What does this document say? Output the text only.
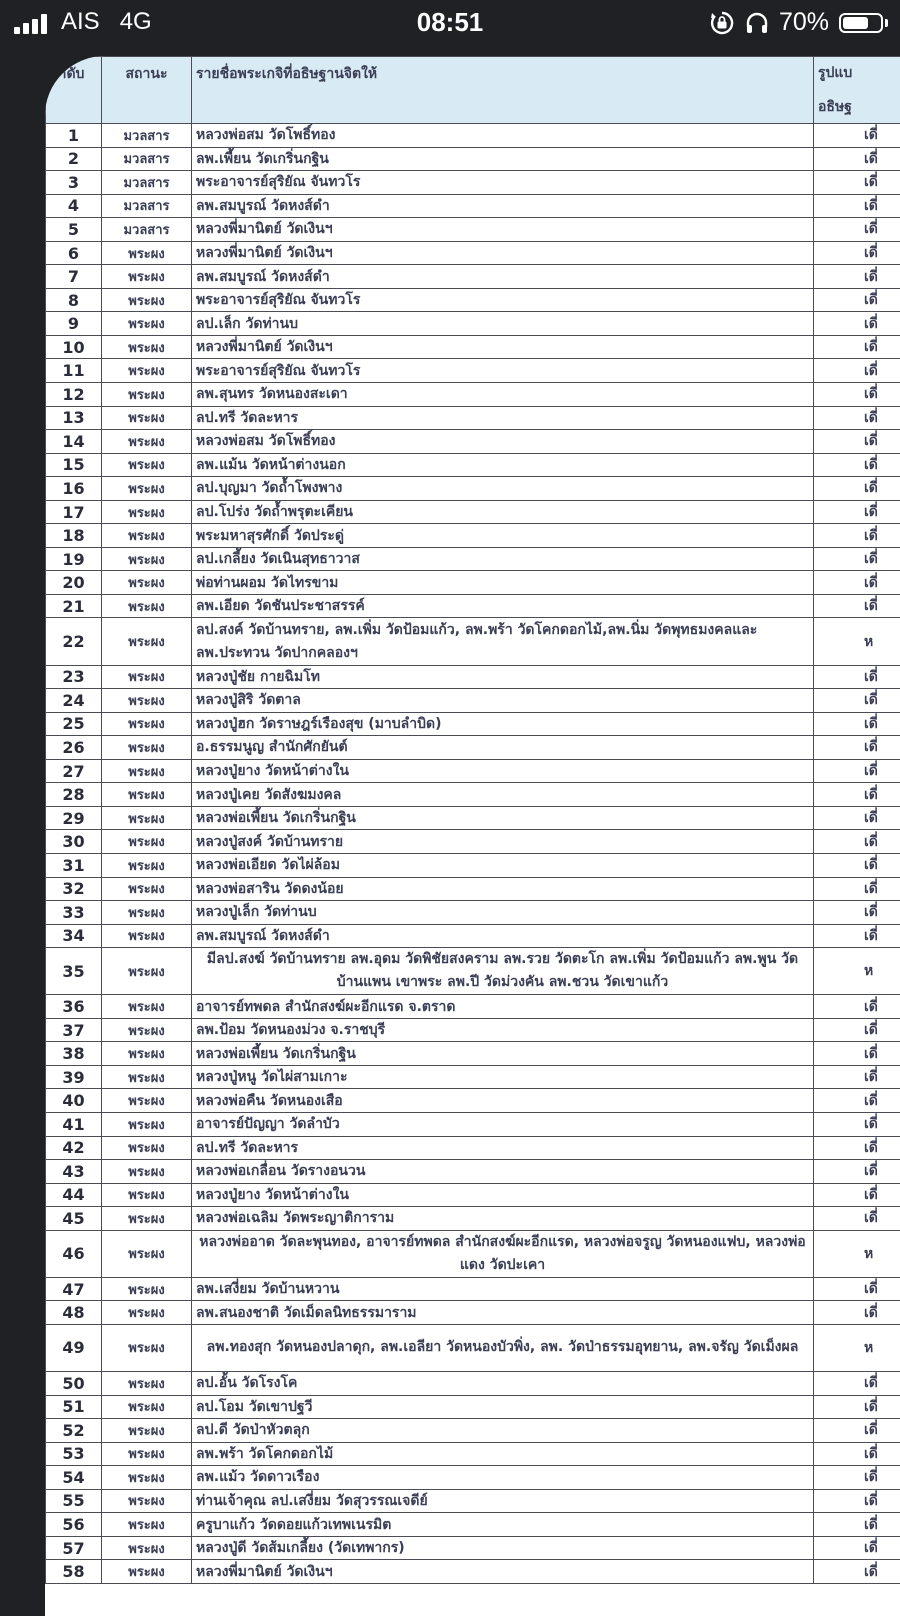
AIS 4G	08:51	70%
ลำดับ	สถานะ	รายชื่อพระเกจิที่อธิษฐานจิตให้	รูปแบ
อธิษฐ

1	มวลสาร	หลวงพ่อสม วัดโพธิ์ทอง	เดี่
2	มวลสาร	ลพ.เพี้ยน วัดเกริ่นกฐิน	เดี่
3	มวลสาร	พระอาจารย์สุริยัณ จันทวโร	เดี่
4	มวลสาร	ลพ.สมบูรณ์ วัดหงส์ดำ	เดี่
5	มวลสาร	หลวงพี่มานิตย์ วัดเงินฯ	เดี่
6	พระผง	หลวงพี่มานิตย์ วัดเงินฯ	เดี่
7	พระผง	ลพ.สมบูรณ์ วัดหงส์ดำ	เดี่
8	พระผง	พระอาจารย์สุริยัณ จันทวโร	เดี่
9	พระผง	ลป.เล็ก วัดท่านบ	เดี่
10	พระผง	หลวงพี่มานิตย์ วัดเงินฯ	เดี่
11	พระผง	พระอาจารย์สุริยัณ จันทวโร	เดี่
12	พระผง	ลพ.สุนทร วัดหนองสะเดา	เดี่
13	พระผง	ลป.ทรี วัดละหาร	เดี่
14	พระผง	หลวงพ่อสม วัดโพธิ์ทอง	เดี่
15	พระผง	ลพ.แม้น วัดหน้าต่างนอก	เดี่
16	พระผง	ลป.บุญมา วัดถ้ำโพงพาง	เดี่
17	พระผง	ลป.โปร่ง วัดถ้ำพรุตะเคียน	เดี่
18	พระผง	พระมหาสุรศักดิ์ วัดประดู่	เดี่
19	พระผง	ลป.เกลี้ยง วัดเนินสุทธาวาส	เดี่
20	พระผง	พ่อท่านผอม วัดไทรขาม	เดี่
21	พระผง	ลพ.เอียด วัดชันประชาสรรค์	เดี่
22	พระผง	ลป.สงค์ วัดบ้านทราย, ลพ.เพิ่ม วัดป้อมแก้ว, ลพ.พร้า วัดโคกดอกไม้,ลพ.นิ่ม วัดพุทธมงคลและลพ.ประทวน วัดปากคลองฯ	ห
23	พระผง	หลวงปู่ชัย กายฉิมโท	เดี่
24	พระผง	หลวงปู่สิริ วัดตาล	เดี่
25	พระผง	หลวงปู่ฮก วัดราษฎร์เรืองสุข (มาบลำบิด)	เดี่
26	พระผง	อ.ธรรมนูญ สำนักศักยันต์	เดี่
27	พระผง	หลวงปู่ยาง วัดหน้าต่างใน	เดี่
28	พระผง	หลวงปู่เคย วัดสังฆมงคล	เดี่
29	พระผง	หลวงพ่อเพี้ยน วัดเกริ่นกฐิน	เดี่
30	พระผง	หลวงปู่สงค์ วัดบ้านทราย	เดี่
31	พระผง	หลวงพ่อเอียด วัดไผ่ล้อม	เดี่
32	พระผง	หลวงพ่อสาริน วัดดงน้อย	เดี่
33	พระผง	หลวงปู่เล็ก วัดท่านบ	เดี่
34	พระผง	ลพ.สมบูรณ์ วัดหงส์ดำ	เดี่
35	พระผง	มีลป.สงฆ์ วัดบ้านทราย ลพ.อุดม วัดพิชัยสงคราม ลพ.รวย วัดตะโก ลพ.เพิ่ม วัดป้อมแก้ว ลพ.พูน วัดบ้านแพน เขาพระ ลพ.ปี วัดม่วงคัน ลพ.ชวน วัดเขาแก้ว	ห
36	พระผง	อาจารย์ทพดล สำนักสงฆ์ผะอีกแรด จ.ตราด	เดี่
37	พระผง	ลพ.ป้อม วัดหนองม่วง จ.ราชบุรี	เดี่
38	พระผง	หลวงพ่อเพี้ยน วัดเกริ่นกฐิน	เดี่
39	พระผง	หลวงปู่หนู วัดไผ่สามเกาะ	เดี่
40	พระผง	หลวงพ่อคืน วัดหนองเสือ	เดี่
41	พระผง	อาจารย์ปัญญา วัดลำบัว	เดี่
42	พระผง	ลป.ทรี วัดละหาร	เดี่
43	พระผง	หลวงพ่อเกลื่อน วัดรางอนวน	เดี่
44	พระผง	หลวงปู่ยาง วัดหน้าต่างใน	เดี่
45	พระผง	หลวงพ่อเฉลิม วัดพระญาติการาม	เดี่
46	พระผง	หลวงพ่ออาด วัดละพุนทอง, อาจารย์ทพดล สำนักสงฆ์ผะอีกแรด, หลวงพ่อจรูญ วัดหนองแฟบ, หลวงพ่อแดง วัดปะเคา	ห
47	พระผง	ลพ.เสงี่ยม วัดบ้านหวาน	เดี่
48	พระผง	ลพ.สนองชาติ วัดเม็ดลนิทธรรมาราม	เดี่
49	พระผง	ลพ.ทองสุก วัดหนองปลาดุก, ลพ.เอลียา วัดหนองบัวพิ่ง, ลพ. วัดป่าธรรมอุทยาน, ลพ.จรัญ วัดเม็งผล	ห
50	พระผง	ลป.อั้น วัดโรงโค	เดี่
51	พระผง	ลป.โอม วัดเขาปฐวี	เดี่
52	พระผง	ลป.ดี วัดป่าหัวตลุก	เดี่
53	พระผง	ลพ.พร้า วัดโคกดอกไม้	เดี่
54	พระผง	ลพ.แม้ว วัดดาวเรือง	เดี่
55	พระผง	ท่านเจ้าคุณ ลป.เสงี่ยม วัดสุวรรณเจดีย์	เดี่
56	พระผง	ครูบาแก้ว วัดดอยแก้วเทพเนรมิต	เดี่
57	พระผง	หลวงปู่ดี วัดส้มเกลี้ยง (วัดเทพากร)	เดี่
58	พระผง	หลวงพี่มานิตย์ วัดเงินฯ	เดี่
